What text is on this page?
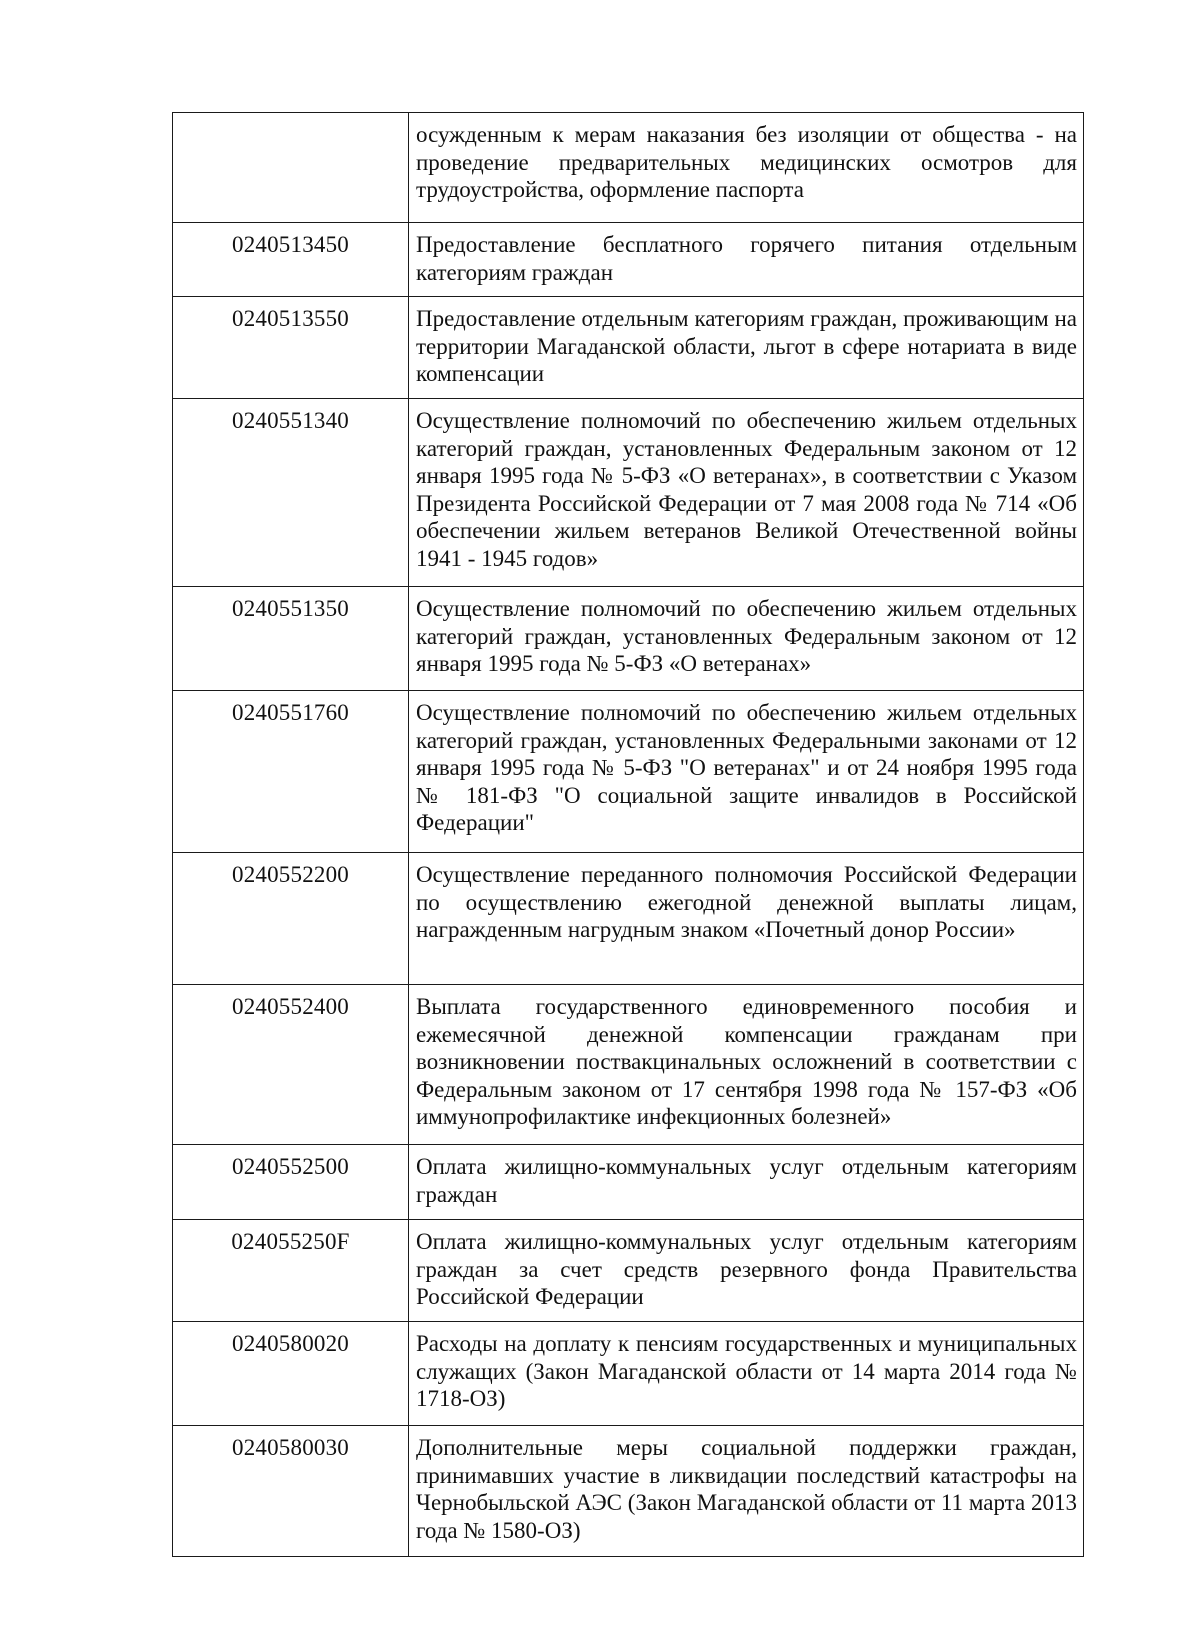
	осужденным к мерам наказания без изоляции от общества - на проведение предварительных медицинских осмотров для трудоустройства, оформление паспорта
0240513450	Предоставление бесплатного горячего питания отдельным категориям граждан
0240513550	Предоставление отдельным категориям граждан, проживающим на территории Магаданской области, льгот в сфере нотариата в виде компенсации
0240551340	Осуществление полномочий по обеспечению жильем отдельных категорий граждан, установленных Федеральным законом от 12 января 1995 года № 5-ФЗ «О ветеранах», в соответствии с Указом Президента Российской Федерации от 7 мая 2008 года № 714 «Об обеспечении жильем ветеранов Великой Отечественной войны 1941 - 1945 годов»
0240551350	Осуществление полномочий по обеспечению жильем отдельных категорий граждан, установленных Федеральным законом от 12 января 1995 года № 5-ФЗ «О ветеранах»
0240551760	Осуществление полномочий по обеспечению жильем отдельных категорий граждан, установленных Федеральными законами от 12 января 1995 года № 5-ФЗ "О ветеранах" и от 24 ноября 1995 года № 181-ФЗ "О социальной защите инвалидов в Российской Федерации"
0240552200	Осуществление переданного полномочия Российской Федерации по осуществлению ежегодной денежной выплаты лицам, награжденным нагрудным знаком «Почетный донор России»
0240552400	Выплата государственного единовременного пособия и ежемесячной денежной компенсации гражданам при возникновении поствакцинальных осложнений в соответствии с Федеральным законом от 17 сентября 1998 года № 157-ФЗ «Об иммунопрофилактике инфекционных болезней»
0240552500	Оплата жилищно-коммунальных услуг отдельным категориям граждан
024055250F	Оплата жилищно-коммунальных услуг отдельным категориям граждан за счет средств резервного фонда Правительства Российской Федерации
0240580020	Расходы на доплату к пенсиям государственных и муниципальных служащих (Закон Магаданской области от 14 марта 2014 года № 1718-ОЗ)
0240580030	Дополнительные меры социальной поддержки граждан, принимавших участие в ликвидации последствий катастрофы на Чернобыльской АЭС (Закон Магаданской области от 11 марта 2013 года № 1580-ОЗ)
